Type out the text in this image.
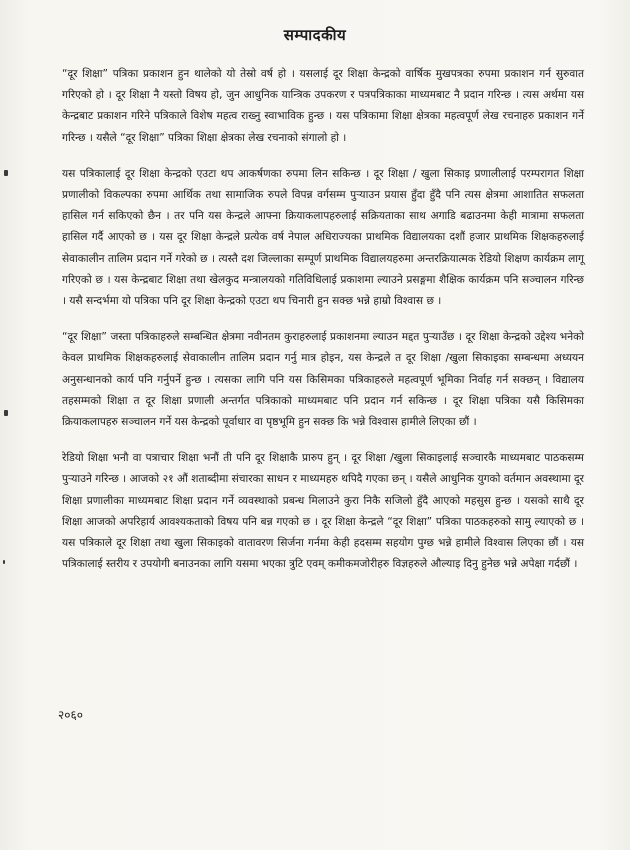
सम्पादकीय

“दूर शिक्षा” पत्रिका प्रकाशन हुन थालेको यो तेस्रो वर्ष हो । यसलाई दूर शिक्षा केन्द्रको वार्षिक मुखपत्रका रुपमा प्रकाशन गर्न सुरुवात गरिएको हो । दूर शिक्षा नै यस्तो विषय हो, जुन आधुनिक यान्त्रिक उपकरण र पत्रपत्रिकाका माध्यमबाट नै प्रदान गरिन्छ । त्यस अर्थमा यस केन्द्रबाट प्रकाशन गरिने पत्रिकाले विशेष महत्व राख्नु स्वाभाविक हुन्छ । यस पत्रिकामा शिक्षा क्षेत्रका महत्वपूर्ण लेख रचनाहरु प्रकाशन गर्ने गरिन्छ । यसैले “दूर शिक्षा” पत्रिका शिक्षा क्षेत्रका लेख रचनाको संगालो हो ।

यस पत्रिकालाई दूर शिक्षा केन्द्रको एउटा थप आकर्षणका रुपमा लिन सकिन्छ । दूर शिक्षा / खुला सिकाइ प्रणालीलाई परम्परागत शिक्षा प्रणालीको विकल्पका रुपमा आर्थिक तथा सामाजिक रुपले विपन्न वर्गसम्म पुऱ्याउन प्रयास हुँदा हुँदै पनि त्यस क्षेत्रमा आशातित सफलता हासिल गर्न सकिएको छैन । तर पनि यस केन्द्रले आफ्ना क्रियाकलापहरुलाई सक्रियताका साथ अगाडि बढाउनमा केही मात्रामा सफलता हासिल गर्दै आएको छ । यस दूर शिक्षा केन्द्रले प्रत्येक वर्ष नेपाल अधिराज्यका प्राथमिक विद्यालयका दशौं हजार प्राथमिक शिक्षकहरुलाई सेवाकालीन तालिम प्रदान गर्ने गरेको छ । त्यस्तै दश जिल्लाका सम्पूर्ण प्राथमिक विद्यालयहरुमा अन्तरक्रियात्मक रेडियो शिक्षण कार्यक्रम लागू गरिएको छ । यस केन्द्रबाट शिक्षा तथा खेलकुद मन्त्रालयको गतिविधिलाई प्रकाशमा ल्याउने प्रसङ्गमा शैक्षिक कार्यक्रम पनि सञ्चालन गरिन्छ । यसै सन्दर्भमा यो पत्रिका पनि दूर शिक्षा केन्द्रको एउटा थप चिनारी हुन सक्छ भन्ने हाम्रो विश्वास छ ।

“दूर शिक्षा” जस्ता पत्रिकाहरुले सम्बन्धित क्षेत्रमा नवीनतम कुराहरुलाई प्रकाशनमा ल्याउन मद्दत पुऱ्याउँछ । दूर शिक्षा केन्द्रको उद्देश्य भनेको केवल प्राथमिक शिक्षकहरुलाई सेवाकालीन तालिम प्रदान गर्नु मात्र होइन, यस केन्द्रले त दूर शिक्षा /खुला सिकाइका सम्बन्धमा अध्ययन अनुसन्धानको कार्य पनि गर्नुपर्ने हुन्छ । त्यसका लागि पनि यस किसिमका पत्रिकाहरुले महत्वपूर्ण भूमिका निर्वाह गर्न सक्छन् । विद्यालय तहसम्मको शिक्षा त दूर शिक्षा प्रणाली अन्तर्गत पत्रिकाको माध्यमबाट पनि प्रदान गर्न सकिन्छ । दूर शिक्षा पत्रिका यसै किसिमका क्रियाकलापहरु सञ्चालन गर्ने यस केन्द्रको पूर्वाधार वा पृष्ठभूमि हुन सक्छ कि भन्ने विश्वास हामीले लिएका छौं ।

रेडियो शिक्षा भनौ वा पत्राचार शिक्षा भनौं ती पनि दूर शिक्षाकै प्रारुप हुन् । दूर शिक्षा /खुला सिकाइलाई सञ्चारकै माध्यमबाट पाठकसम्म पुऱ्याउने गरिन्छ । आजको २१ औं शताब्दीमा संचारका साधन र माध्यमहरु थपिदै गएका छन् । यसैले आधुनिक युगको वर्तमान अवस्थामा दूर शिक्षा प्रणालीका माध्यमबाट शिक्षा प्रदान गर्ने व्यवस्थाको प्रबन्ध मिलाउने कुरा निकै सजिलो हुँदै आएको महसुस हुन्छ । यसको साथै दूर शिक्षा आजको अपरिहार्य आवश्यकताको विषय पनि बन्न गएको छ । दूर शिक्षा केन्द्रले “दूर शिक्षा” पत्रिका पाठकहरुको सामु ल्याएको छ । यस पत्रिकाले दूर शिक्षा तथा खुला सिकाइको वातावरण सिर्जना गर्नमा केही हदसम्म सहयोग पुग्छ भन्ने हामीले विश्वास लिएका छौं । यस पत्रिकालाई स्तरीय र उपयोगी बनाउनका लागि यसमा भएका त्रुटि एवम् कमीकमजोरीहरु विज्ञहरुले औल्याइ दिनु हुनेछ भन्ने अपेक्षा गर्दछौं ।

२०६०
